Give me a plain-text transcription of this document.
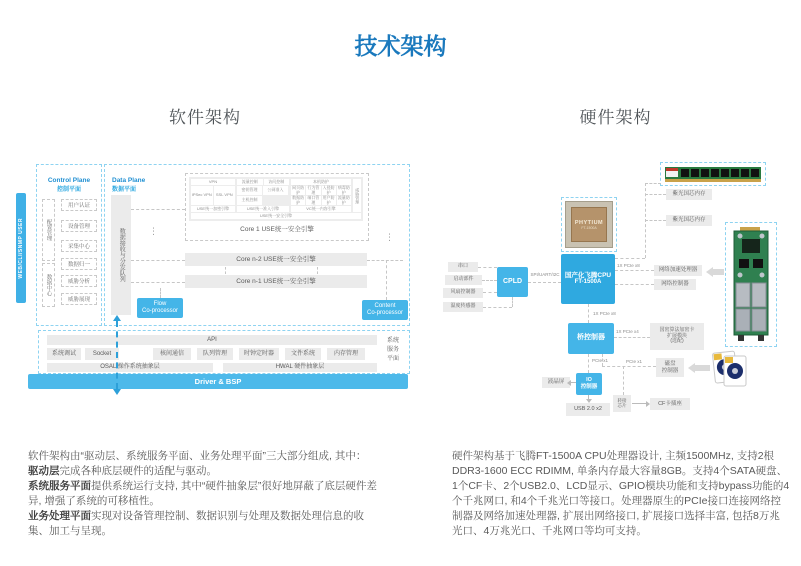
技术架构
软件架构	硬件架构
WEB/CLI/SNMP USER
Control Plane
控制平面
配置管理
数据中心
用户认证
设备管理
采集中心
数据归一
威胁分析
威胁展现
Data Plane
数据平面
数据接收与分发队列
VPN
IPSec VPN	SSL VPN
USE统一加密引擎
流量控制	访问控制
密钥管理	公网准入
主机控制
USE统一准入引擎
本机防护
网页防护
行为管理
入侵防护
病毒防护
数据防护
端口管理
用户防护
流量防护
VC统一内容引擎
威胁管理
USE统一安全引擎
Core 1 USE统一安全引擎
⋮
⋮
Core n-2 USE统一安全引擎
Core n-1 USE统一安全引擎
Flow
Co-processor
Content
Co-processor
API
系统调试	Socket	核间通信	队列管理	时钟定时器	文件系统	内存管理
OSAL 操作系统抽象层	HWAL 硬件抽象层
系统
服务
平面
Driver & BSP

软件架构由“驱动层、系统服务平面、业务处理平面”三大部分组成, 其中：

驱动层完成各种底层硬件的适配与驱动。

系统服务平面提供系统运行支持, 其中“硬件抽象层”很好地屏蔽了底层硬件差异, 增强了系统的可移植性。

业务处理平面实现对设备管理控制、数据识别与处理及数据处理信息的收集、加工与呈现。

紫光国芯内存
紫光国芯内存
PHYTIUM
FT-1500A
国产化飞腾CPU
FT-1500A
CPLD
SPI/UART/I2C
串口
启动部件
风扇控制器
温度传感器
1X PCIe x8
网络加速处理器
网络控制器
1X PCIe x8
桥控制器
1X PCIe x4	国密算法加密卡
扩展模块
(选配)
PCIe x1	磁盘
控制器
PCIe x1
IO
控制器
液晶屏
USB 2.0 x2
转接
芯片	CF卡插座
硬件架构基于飞腾FT-1500A CPU处理器设计, 主频1500MHz, 支持2根DDR3-1600 ECC RDIMM, 单条内存最大容量8GB。支持4个SATA硬盘、1个CF卡、2个USB2.0、LCD显示、GPIO模块功能和支持bypass功能的4个千兆网口, 和4个千兆光口等接口。处理器原生的PCIe接口连接网络控制器及网络加速处理器, 扩展出网络接口, 扩展接口选择丰富, 包括8万兆光口、4万兆光口、千兆网口等均可支持。
